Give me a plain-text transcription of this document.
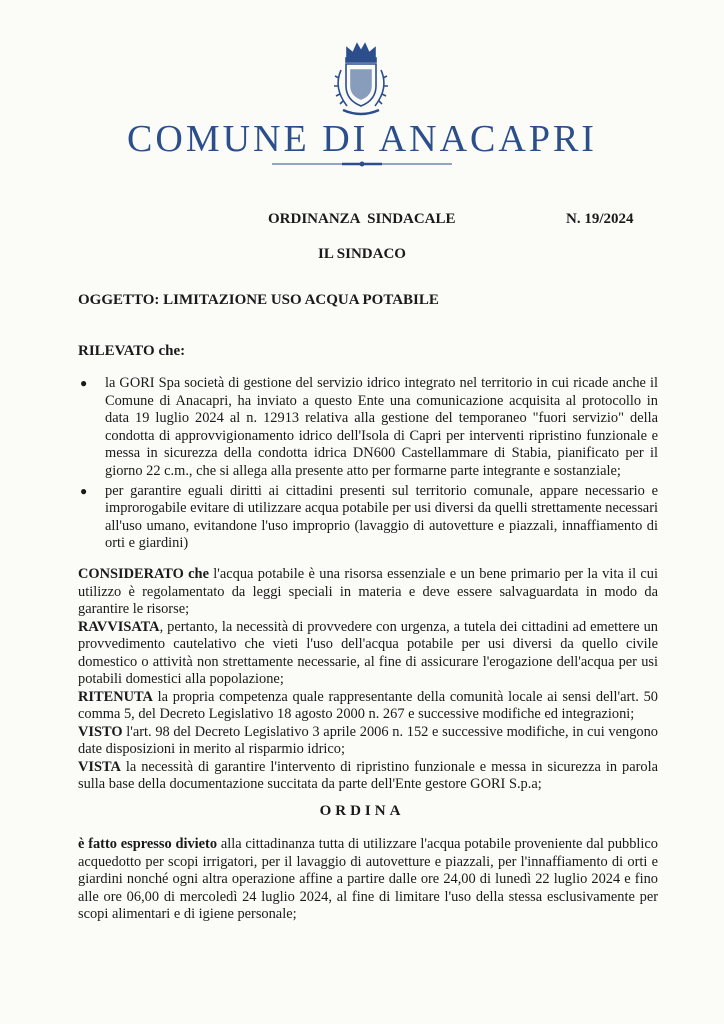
COMUNE DI ANACAPRI
ORDINANZA  SINDACALE	N. 19/2024
IL SINDACO
OGGETTO: LIMITAZIONE USO ACQUA POTABILE
RILEVATO che:
● la GORI Spa società di gestione del servizio idrico integrato nel territorio in cui ricade anche il Comune di Anacapri, ha inviato a questo Ente una comunicazione acquisita al protocollo in data 19 luglio 2024 al n. 12913 relativa alla gestione del temporaneo "fuori servizio" della condotta di approvvigionamento idrico dell'Isola di Capri per interventi ripristino funzionale e messa in sicurezza della condotta idrica DN600 Castellammare di Stabia, pianificato per il giorno 22 c.m., che si allega alla presente atto per formarne parte integrante e sostanziale;
● per garantire eguali diritti ai cittadini presenti sul territorio comunale, appare necessario e improrogabile evitare di utilizzare acqua potabile per usi diversi da quelli strettamente necessari all'uso umano, evitandone l'uso improprio (lavaggio di autovetture e piazzali, innaffiamento di orti e giardini)

CONSIDERATO che l'acqua potabile è una risorsa essenziale e un bene primario per la vita il cui utilizzo è regolamentato da leggi speciali in materia e deve essere salvaguardata in modo da garantire le risorse;

RAVVISATA, pertanto, la necessità di provvedere con urgenza, a tutela dei cittadini ad emettere un provvedimento cautelativo che vieti l'uso dell'acqua potabile per usi diversi da quello civile domestico o attività non strettamente necessarie, al fine di assicurare l'erogazione dell'acqua per usi potabili domestici alla popolazione;

RITENUTA la propria competenza quale rappresentante della comunità locale ai sensi dell'art. 50 comma 5, del Decreto Legislativo 18 agosto 2000 n. 267 e successive modifiche ed integrazioni;

VISTO l'art. 98 del Decreto Legislativo 3 aprile 2006 n. 152 e successive modifiche, in cui vengono date disposizioni in merito al risparmio idrico;

VISTA la necessità di garantire l'intervento di ripristino funzionale e messa in sicurezza in parola sulla base della documentazione succitata da parte dell'Ente gestore GORI S.p.a;

ORDINA

è fatto espresso divieto alla cittadinanza tutta di utilizzare l'acqua potabile proveniente dal pubblico acquedotto per scopi irrigatori, per il lavaggio di autovetture e piazzali, per l'innaffiamento di orti e giardini nonché ogni altra operazione affine a partire dalle ore 24,00 di lunedì 22 luglio 2024 e fino alle ore 06,00 di mercoledì 24 luglio 2024, al fine di limitare l'uso della stessa esclusivamente per scopi alimentari e di igiene personale;
